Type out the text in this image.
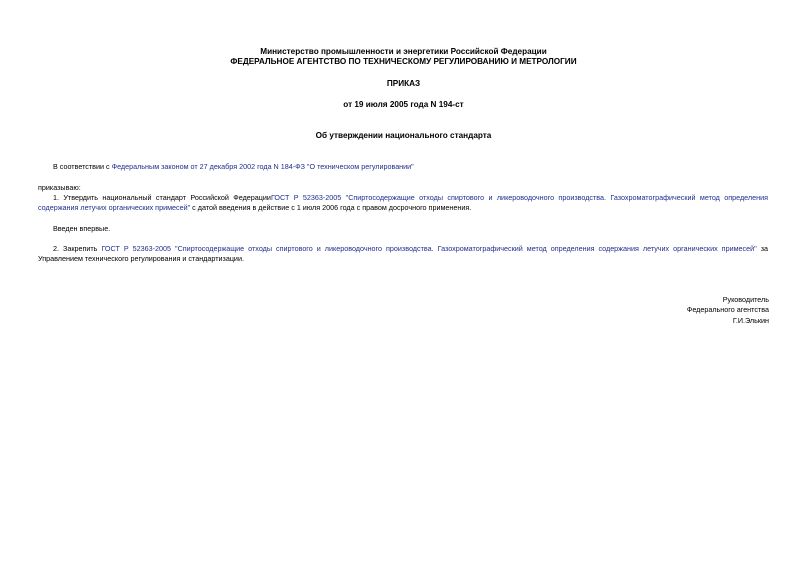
Министерство промышленности и энергетики Российской Федерации
ФЕДЕРАЛЬНОЕ АГЕНТСТВО ПО ТЕХНИЧЕСКОМУ РЕГУЛИРОВАНИЮ И МЕТРОЛОГИИ
ПРИКАЗ
от 19 июля 2005 года N 194-ст
Об утверждении национального стандарта
В соответствии с Федеральным законом от 27 декабря 2002 года N 184-ФЗ "О техническом регулировании"
приказываю:
1. Утвердить национальный стандарт Российской ФедерацииГОСТ Р 52363-2005 "Спиртосодержащие отходы спиртового и ликероводочного производства. Газохроматографический метод определения
содержания летучих органических примесей" с датой введения в действие с 1 июля 2006 года с правом досрочного применения.
Введен впервые.
2. Закрепить ГОСТ Р 52363-2005 "Спиртосодержащие отходы спиртового и ликероводочного производства. Газохроматографический метод определения содержания летучих органических примесей" за
Управлением технического регулирования и стандартизации.
Руководитель
Федерального агентства
Г.И.Элькин
